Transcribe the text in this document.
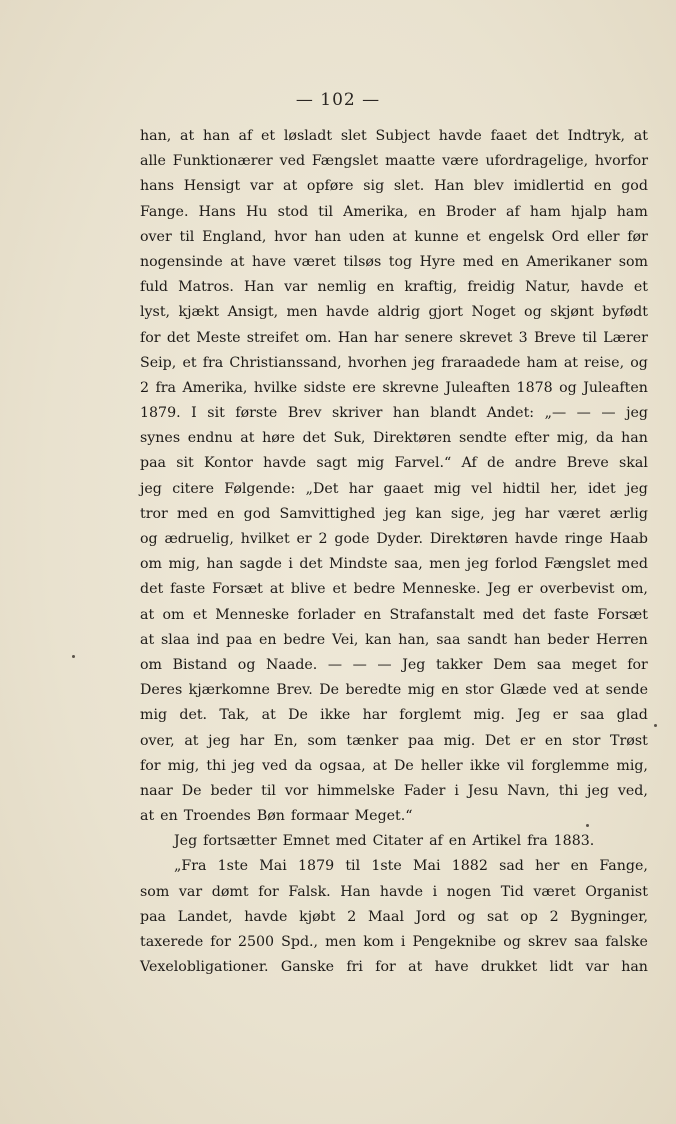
— 102 —
han, at han af et løsladt slet Subject havde faaet det Indtryk, at
alle Funktionærer ved Fængslet maatte være ufordragelige, hvorfor
hans Hensigt var at opføre sig slet. Han blev imidlertid en god
Fange. Hans Hu stod til Amerika, en Broder af ham hjalp ham
over til England, hvor han uden at kunne et engelsk Ord eller før
nogensinde at have været tilsøs tog Hyre med en Amerikaner som
fuld Matros. Han var nemlig en kraftig, freidig Natur, havde et
lyst, kjækt Ansigt, men havde aldrig gjort Noget og skjønt byfødt
for det Meste streifet om. Han har senere skrevet 3 Breve til Lærer
Seip, et fra Christianssand, hvorhen jeg fraraadede ham at reise, og
2 fra Amerika, hvilke sidste ere skrevne Juleaften 1878 og Juleaften
1879. I sit første Brev skriver han blandt Andet: „— — — jeg
synes endnu at høre det Suk, Direktøren sendte efter mig, da han
paa sit Kontor havde sagt mig Farvel.“ Af de andre Breve skal
jeg citere Følgende: „Det har gaaet mig vel hidtil her, idet jeg
tror med en god Samvittighed jeg kan sige, jeg har været ærlig
og ædruelig, hvilket er 2 gode Dyder. Direktøren havde ringe Haab
om mig, han sagde i det Mindste saa, men jeg forlod Fængslet med
det faste Forsæt at blive et bedre Menneske. Jeg er overbevist om,
at om et Menneske forlader en Strafanstalt med det faste Forsæt
at slaa ind paa en bedre Vei, kan han, saa sandt han beder Herren
om Bistand og Naade. — — — Jeg takker Dem saa meget for
Deres kjærkomne Brev. De beredte mig en stor Glæde ved at sende
mig det. Tak, at De ikke har forglemt mig. Jeg er saa glad
over, at jeg har En, som tænker paa mig. Det er en stor Trøst
for mig, thi jeg ved da ogsaa, at De heller ikke vil forglemme mig,
naar De beder til vor himmelske Fader i Jesu Navn, thi jeg ved,
at en Troendes Bøn formaar Meget.“
Jeg fortsætter Emnet med Citater af en Artikel fra 1883.
„Fra 1ste Mai 1879 til 1ste Mai 1882 sad her en Fange,
som var dømt for Falsk. Han havde i nogen Tid været Organist
paa Landet, havde kjøbt 2 Maal Jord og sat op 2 Bygninger,
taxerede for 2500 Spd., men kom i Pengeknibe og skrev saa falske
Vexelobligationer. Ganske fri for at have drukket lidt var han
